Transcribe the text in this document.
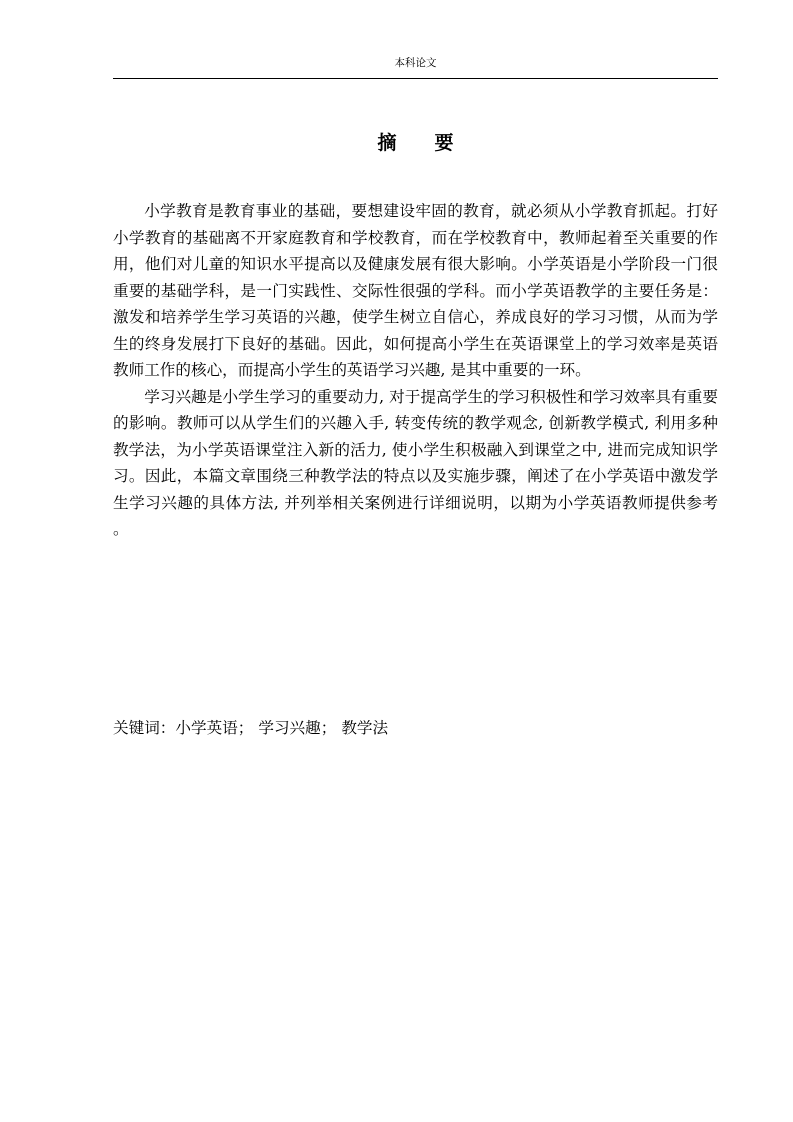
本科论文
摘要

小学教育是教育事业的基础，要想建设牢固的教育，就必须从小学教育抓起。打好小学教育的基础离不开家庭教育和学校教育，而在学校教育中，教师起着至关重要的作用，他们对儿童的知识水平提高以及健康发展有很大影响。小学英语是小学阶段一门很重要的基础学科，是一门实践性、交际性很强的学科。而小学英语教学的主要任务是：激发和培养学生学习英语的兴趣，使学生树立自信心，养成良好的学习习惯，从而为学生的终身发展打下良好的基础。因此，如何提高小学生在英语课堂上的学习效率是英语教师工作的核心，而提高小学生的英语学习兴趣, 是其中重要的一环。

学习兴趣是小学生学习的重要动力, 对于提高学生的学习积极性和学习效率具有重要的影响。教师可以从学生们的兴趣入手, 转变传统的教学观念, 创新教学模式, 利用多种教学法，为小学英语课堂注入新的活力, 使小学生积极融入到课堂之中, 进而完成知识学习。因此，本篇文章围绕三种教学法的特点以及实施步骤，阐述了在小学英语中激发学生学习兴趣的具体方法, 并列举相关案例进行详细说明，以期为小学英语教师提供参考 。

关键词：小学英语； 学习兴趣； 教学法
